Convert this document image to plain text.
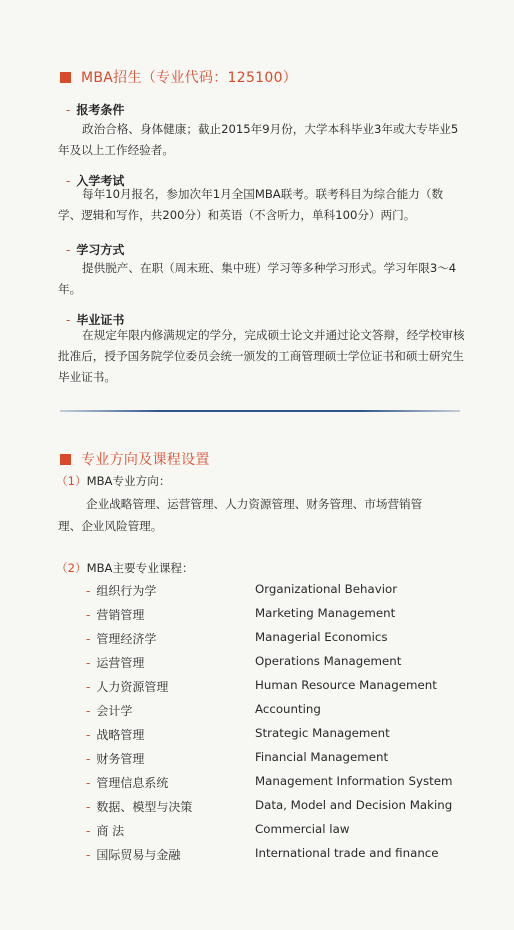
MBA招生（专业代码：125100）
- 报考条件
政治合格、身体健康；截止2015年9月份，大学本科毕业3年或大专毕业5年及以上工作经验者。
- 入学考试
每年10月报名，参加次年1月全国MBA联考。联考科目为综合能力（数学、逻辑和写作，共200分）和英语（不含听力，单科100分）两门。
- 学习方式
提供脱产、在职（周末班、集中班）学习等多种学习形式。学习年限3～4年。
- 毕业证书
在规定年限内修满规定的学分，完成硕士论文并通过论文答辩，经学校审核批准后，授予国务院学位委员会统一颁发的工商管理硕士学位证书和硕士研究生毕业证书。
专业方向及课程设置
（1）MBA专业方向：
企业战略管理、运营管理、人力资源管理、财务管理、市场营销管
理、企业风险管理。
（2）MBA主要专业课程：
- 组织行为学	Organizational Behavior
- 营销管理	Marketing Management
- 管理经济学	Managerial Economics
- 运营管理	Operations Management
- 人力资源管理	Human Resource Management
- 会计学	Accounting
- 战略管理	Strategic Management
- 财务管理	Financial Management
- 管理信息系统	Management Information System
- 数据、模型与决策	Data, Model and Decision Making
- 商 法	Commercial law
- 国际贸易与金融	International trade and finance
